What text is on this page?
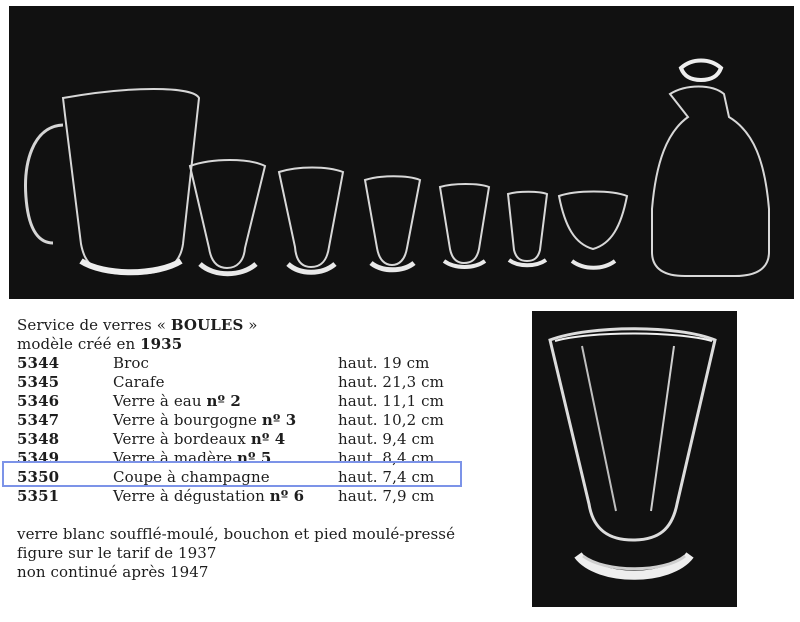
Service de verres « BOULES »
modèle créé en 1935
5344	Broc	haut. 19 cm
5345	Carafe	haut. 21,3 cm
5346	Verre à eau nº 2	haut. 11,1 cm
5347	Verre à bourgogne nº 3	haut. 10,2 cm
5348	Verre à bordeaux nº 4	haut. 9,4 cm
5349	Verre à madère nº 5	haut. 8,4 cm
5350	Coupe à champagne	haut. 7,4 cm
5351	Verre à dégustation nº 6	haut. 7,9 cm
verre blanc soufflé-moulé, bouchon et pied moulé-pressé
figure sur le tarif de 1937
non continué après 1947
